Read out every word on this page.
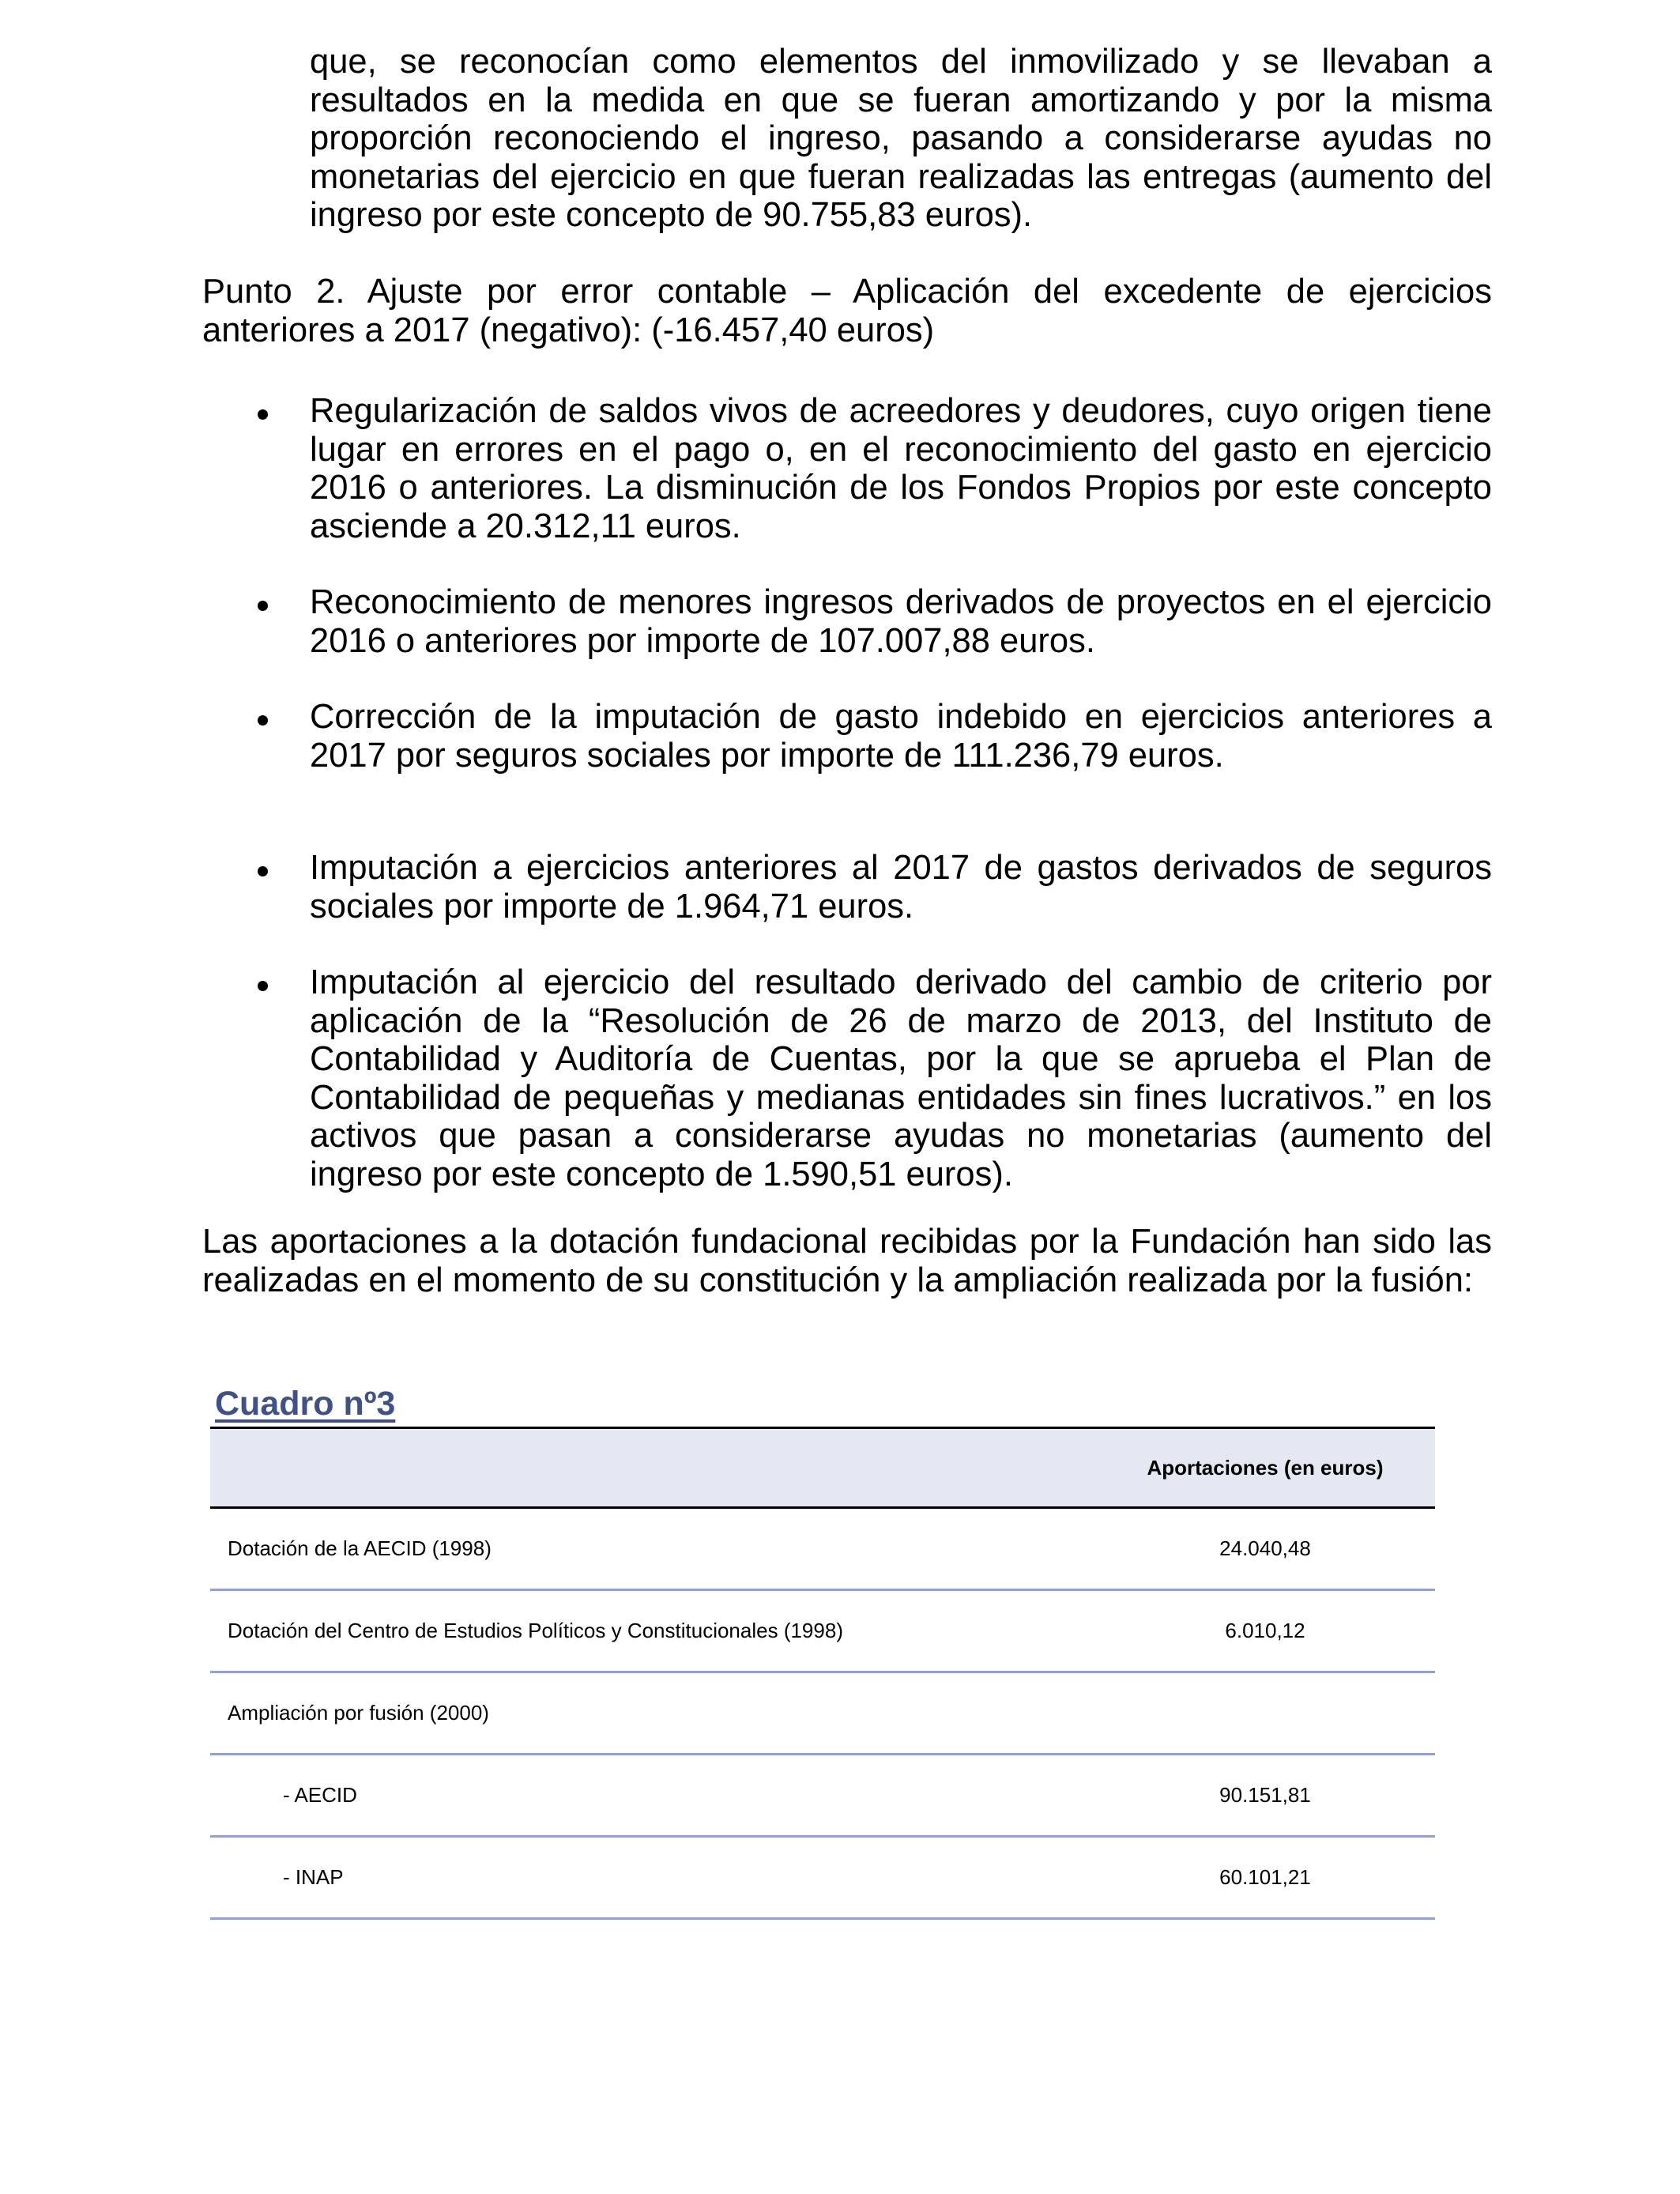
que, se reconocían como elementos del inmovilizado y se llevaban a resultados en la medida en que se fueran amortizando y por la misma proporción reconociendo el ingreso, pasando a considerarse ayudas no monetarias del ejercicio en que fueran realizadas las entregas (aumento del ingreso por este concepto de 90.755,83 euros).

Punto 2. Ajuste por error contable – Aplicación del excedente de ejercicios anteriores a 2017 (negativo): (-16.457,40 euros)

Regularización de saldos vivos de acreedores y deudores, cuyo origen tiene lugar en errores en el pago o, en el reconocimiento del gasto en ejercicio 2016 o anteriores. La disminución de los Fondos Propios por este concepto asciende a 20.312,11 euros.
Reconocimiento de menores ingresos derivados de proyectos en el ejercicio 2016 o anteriores por importe de 107.007,88 euros.
Corrección de la imputación de gasto indebido en ejercicios anteriores a 2017 por seguros sociales por importe de 111.236,79 euros.
Imputación a ejercicios anteriores al 2017 de gastos derivados de seguros sociales por importe de 1.964,71 euros.
Imputación al ejercicio del resultado derivado del cambio de criterio por aplicación de la “Resolución de 26 de marzo de 2013, del Instituto de Contabilidad y Auditoría de Cuentas, por la que se aprueba el Plan de Contabilidad de pequeñas y medianas entidades sin fines lucrativos.” en los activos que pasan a considerarse ayudas no monetarias (aumento del ingreso por este concepto de 1.590,51 euros).

Las aportaciones a la dotación fundacional recibidas por la Fundación han sido las realizadas en el momento de su constitución y la ampliación realizada por la fusión:

Cuadro nº3
Aportaciones (en euros)
Dotación de la AECID (1998)	24.040,48
Dotación del Centro de Estudios Políticos y Constitucionales (1998)	6.010,12
Ampliación por fusión (2000)
- AECID	90.151,81
- INAP	60.101,21
